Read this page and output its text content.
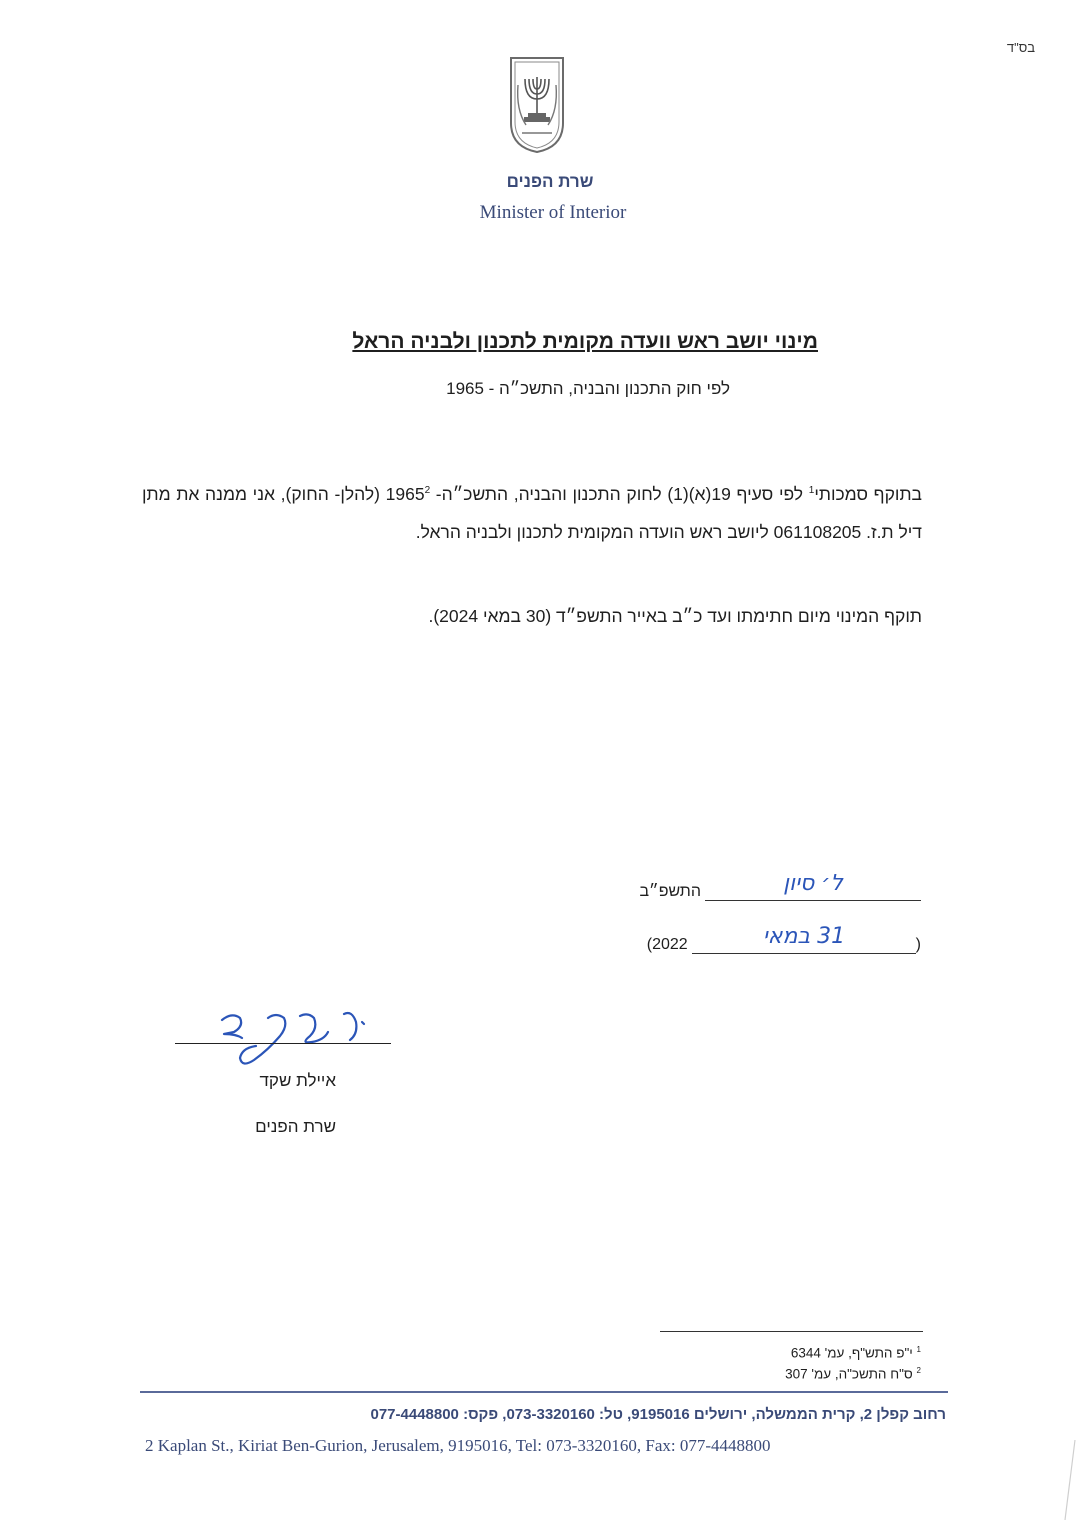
בס"ד
שרת הפנים
Minister of Interior
מינוי יושב ראש וועדה מקומית לתכנון ולבניה הראל
לפי חוק התכנון והבניה, התשכ״ה - 1965
בתוקף סמכותי$^1$ לפי סעיף 19(א)(1) לחוק התכנון והבניה, התשכ״ה- 1965$^2$ (להלן- החוק), אני ממנה את מתן דיל ת.ז. 061108205 ליושב ראש הועדה המקומית לתכנון ולבניה הראל.
תוקף המינוי מיום חתימתו ועד כ״ב באייר התשפ״ד (30 במאי 2024).
ל׳ סיון
התשפ״ב
(
31 במאי
2022)
איילת שקד
שרת הפנים
$^1$ י"פ התש"ף, עמ' 6344
$^2$ ס"ח התשכ"ה, עמ' 307
רחוב קפלן 2, קרית הממשלה, ירושלים 9195016, טל: 073-3320160, פקס: 077-4448800
2 Kaplan St., Kiriat Ben-Gurion, Jerusalem, 9195016, Tel: 073-3320160, Fax: 077-4448800
